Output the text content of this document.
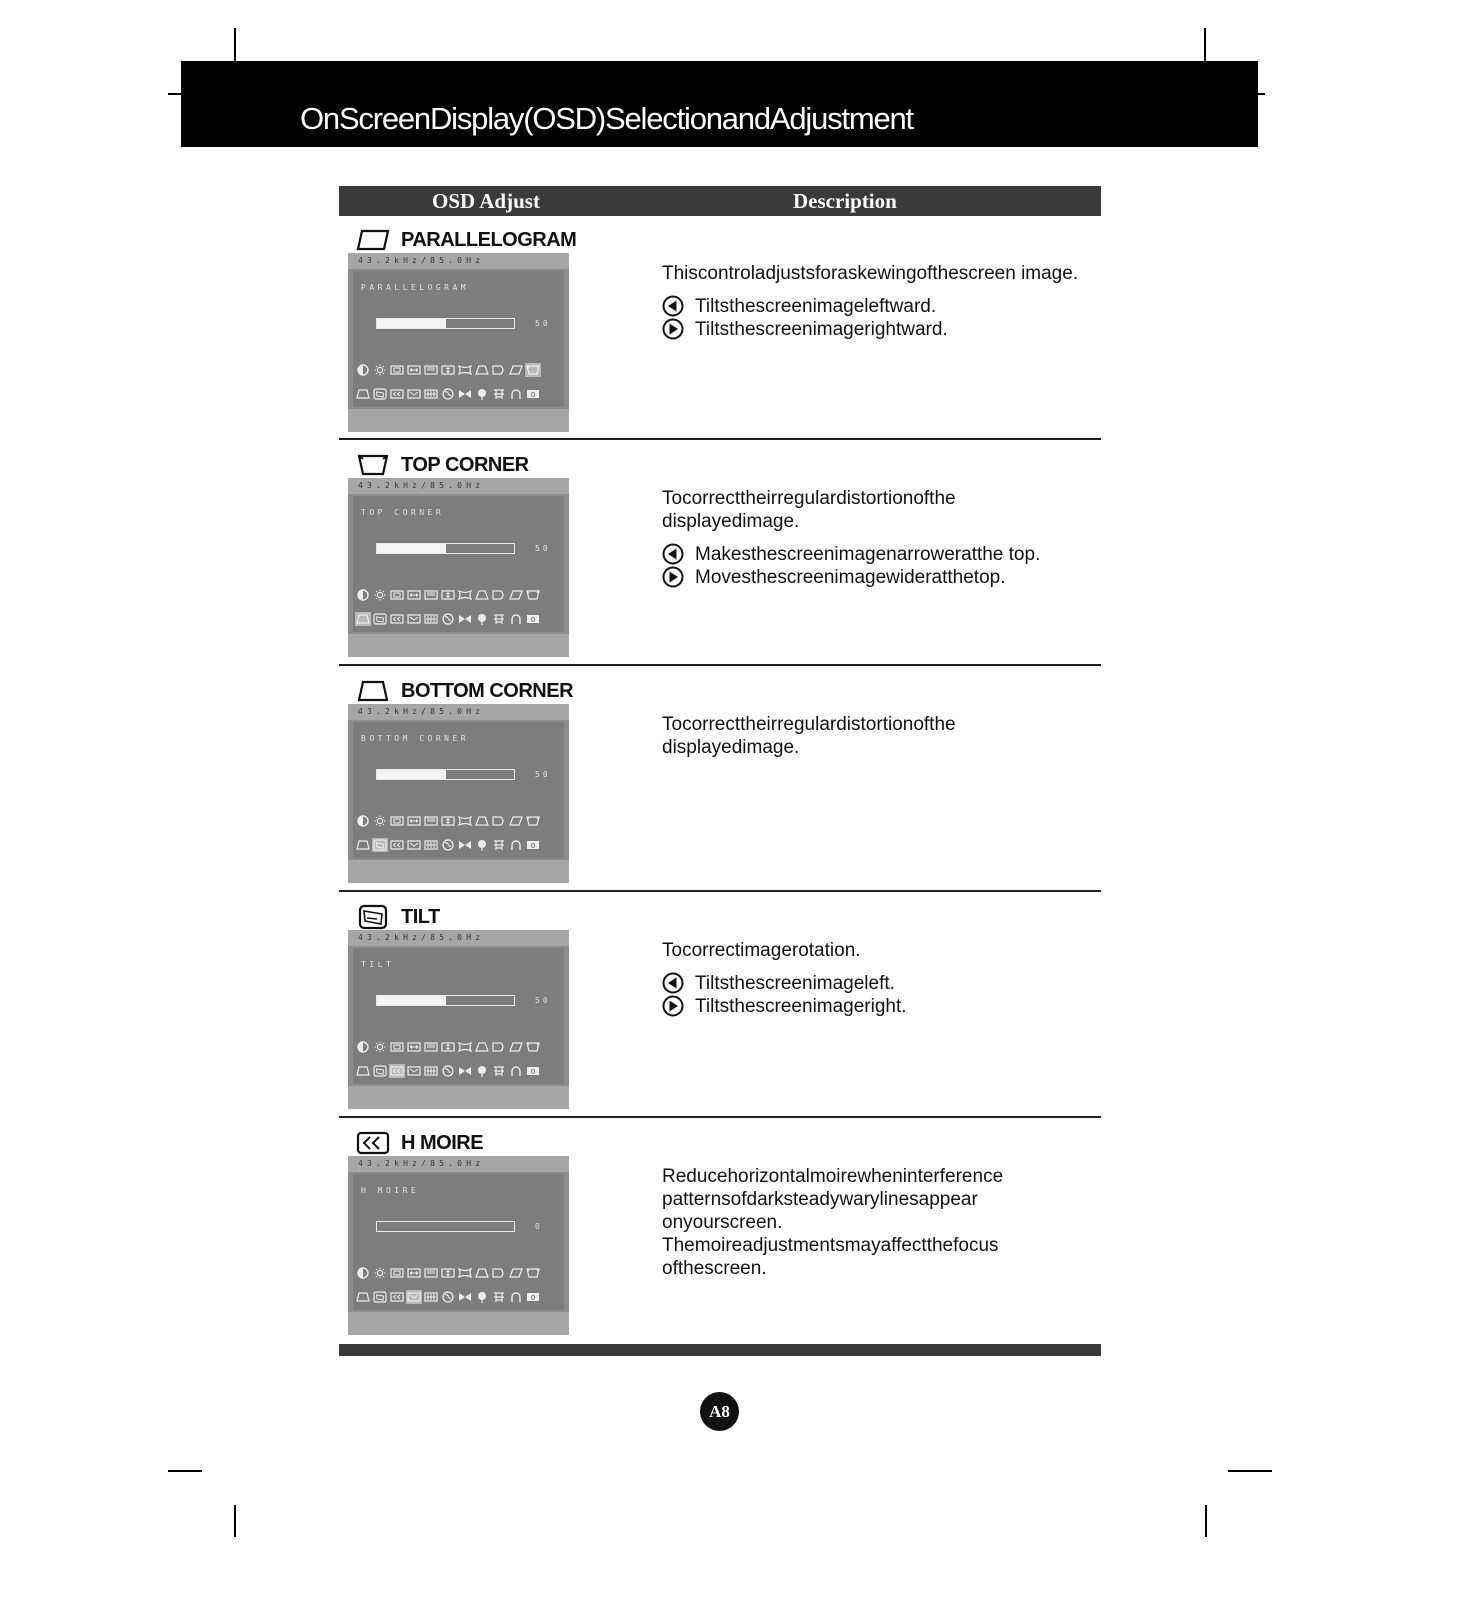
OnScreenDisplay(OSD)SelectionandAdjustment
OSD Adjust	Description
PARALLELOGRAM
43.2kHz/85.0Hz
PARALLELOGRAM
50
0

Thiscontroladjustsforaskewingofthescreen image.

Tiltsthescreenimageleftward.
Tiltsthescreenimagerightward.
TOP CORNER
43.2kHz/85.0Hz
TOP CORNER
50
0

Tocorrecttheirregulardistortionofthe displayedimage.

Makesthescreenimagenarroweratthe top.
Movesthescreenimagewideratthetop.
BOTTOM CORNER
43.2kHz/85.0Hz
BOTTOM CORNER
50
0

Tocorrecttheirregulardistortionofthe displayedimage.

TILT
43.2kHz/85.0Hz
TILT
50
0

Tocorrectimagerotation.

Tiltsthescreenimageleft.
Tiltsthescreenimageright.
H MOIRE
43.2kHz/85.0Hz
H MOIRE
0
0

Reducehorizontalmoirewheninterference patternsofdarksteadywarylinesappear onyourscreen.

Themoireadjustmentsmayaffectthefocus ofthescreen.

A8
